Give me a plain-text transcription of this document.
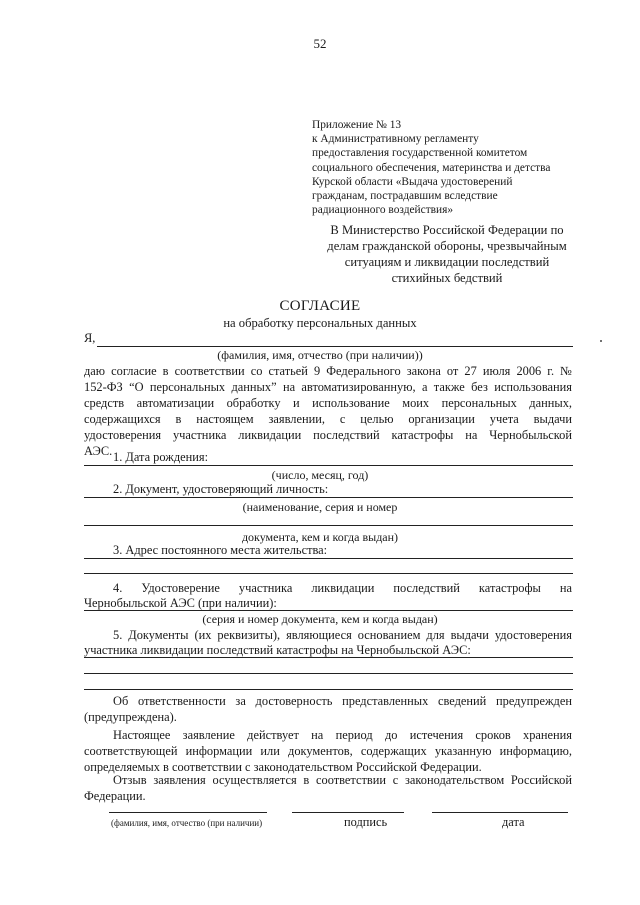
52
Приложение № 13
к Административному регламенту
предоставления государственной комитетом
социального обеспечения, материнства и детства
Курской области «Выдача удостоверений
гражданам, пострадавшим вследствие
радиационного воздействия»
В Министерство Российской Федерации по делам гражданской обороны, чрезвычайным ситуациям и ликвидации последствий стихийных бедствий
СОГЛАСИЕ
на обработку персональных данных
Я,
(фамилия, имя, отчество (при наличии))
даю согласие в соответствии со статьей 9 Федерального закона от 27 июля 2006 г. №
152-ФЗ “О персональных данных” на автоматизированную, а также без использования
средств автоматизации обработку и использование моих персональных данных,
содержащихся в настоящем заявлении, с целью организации учета выдачи
удостоверения участника ликвидации последствий катастрофы на Чернобыльской
АЭС. 1. Дата рождения:
(число, месяц, год)
2. Документ, удостоверяющий личность:
(наименование, серия и номер
документа, кем и когда выдан)
3. Адрес постоянного места жительства:
4. Удостоверение участника ликвидации последствий катастрофы на
Чернобыльской АЭС (при наличии):
(серия и номер документа, кем и когда выдан)
5. Документы (их реквизиты), являющиеся основанием для выдачи удостоверения
участника ликвидации последствий катастрофы на Чернобыльской АЭС:
Об ответственности за достоверность представленных сведений предупрежден
(предупреждена).
Настоящее заявление действует на период до истечения сроков хранения
соответствующей информации или документов, содержащих указанную информацию,
определяемых в соответствии с законодательством Российской Федерации.
Отзыв заявления осуществляется в соответствии с законодательством Российской
Федерации.
(фамилия, имя, отчество (при наличии)	подпись	дата
